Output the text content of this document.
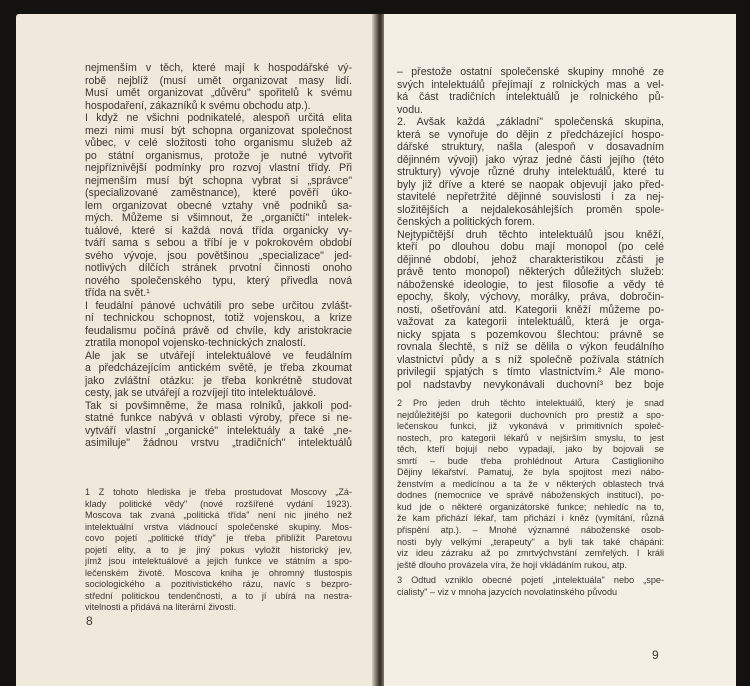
nejmenším v těch, které mají k hospodářské vý-
robě nejblíž (musí umět organizovat masy lidí.
Musí umět organizovat „důvěru" spořitelů k svému
hospodaření, zákazníků k svému obchodu atp.).
I když ne všichni podnikatelé, alespoň určitá elita
mezi nimi musí být schopna organizovat společnost
vůbec, v celé složitosti toho organismu služeb až
po státní organismus, protože je nutné vytvořit
nejpříznivější podmínky pro rozvoj vlastní třídy. Při
nejmenším musí být schopna vybrat si „správce"
(specializované zaměstnance), které pověří úko-
lem organizovat obecné vztahy vně podniků sa-
mých. Můžeme si všimnout, že „organičtí" intelek-
tuálové, které si každá nová třída organicky vy-
tváří sama s sebou a tříbí je v pokrokovém období
svého vývoje, jsou povětšinou „specializace" jed-
notlivých dílčích stránek prvotní činnosti onoho
nového společenského typu, který přivedla nová
třída na svět.¹
I feudální pánové uchvátili pro sebe určitou zvlášt-
ní technickou schopnost, totiž vojenskou, a krize
feudalismu počíná právě od chvíle, kdy aristokracie
ztratila monopol vojensko-technických znalostí.
Ale jak se utvářejí intelektuálové ve feudálním
a předcházejícím antickém světě, je třeba zkoumat
jako zvláštní otázku: je třeba konkrétně studovat
cesty, jak se utvářejí a rozvíjejí tito intelektuálové.
Tak si povšimněme, že masa rolníků, jakkoli pod-
statné funkce nabývá v oblasti výroby, přece si ne-
vytváří vlastní „organické" intelektuály a také „ne-
asimiluje" žádnou vrstvu „tradičních" intelektuálů
1 Z tohoto hlediska je třeba prostudovat Moscovy „Zá-
klady politické vědy" (nové rozšířené vydání 1923).
Moscova tak zvaná „politická třída" není nic jiného než
intelektuální vrstva vládnoucí společenské skupiny. Mos-
covo pojetí „politické třídy" je třeba přiblížit Paretovu
pojetí elity, a to je jiný pokus vyložit historický jev,
jímž jsou intelektuálové a jejich funkce ve státním a spo-
lečenském životě. Moscova kniha je ohromný tlustospis
sociologického a pozitivistického rázu, navíc s bezpro-
střední politickou tendenčností, a to jí ubírá na nestra-
vitelnosti a přidává na literární živosti.
8
– přestože ostatní společenské skupiny mnohé ze
svých intelektuálů přejímají z rolnických mas a vel-
ká část tradičních intelektuálů je rolnického pů-
vodu.
2. Avšak každá „základní" společenská skupina,
která se vynořuje do dějin z předcházející hospo-
dářské struktury, našla (alespoň v dosavadním
dějinném vývoji) jako výraz jedné části jejího (této
struktury) vývoje různé druhy intelektuálů, které tu
byly již dříve a které se naopak objevují jako před-
stavitelé nepřetržité dějinné souvislosti i za nej-
složitějších a nejdalekosáhlejších proměn spole-
čenských a politických forem.
Nejtypičtější druh těchto intelektuálů jsou kněží,
kteří po dlouhou dobu mají monopol (po celé
dějinné období, jehož charakteristikou zčásti je
právě tento monopol) některých důležitých služeb:
náboženské ideologie, to jest filosofie a vědy té
epochy, školy, výchovy, morálky, práva, dobročin-
nosti, ošetřování atd. Kategorii kněží můžeme po-
važovat za kategorii intelektuálů, která je orga-
nicky spjata s pozemkovou šlechtou: právně se
rovnala šlechtě, s níž se dělila o výkon feudálního
vlastnictví půdy a s níž společně požívala státních
privilegií spjatých s tímto vlastnictvím.² Ale mono-
pol nadstavby nevykonávali duchovní³ bez boje
2 Pro jeden druh těchto intelektuálů, který je snad
nejdůležitější po kategorii duchovních pro prestiž a spo-
lečenskou funkci, již vykonává v primitivních společ-
nostech, pro kategorii lékařů v nejširším smyslu, to jest
těch, kteří bojují nebo vypadají, jako by bojovali se
smrtí – bude třeba prohlédnout Artura Castiglioniho
Dějiny lékařství. Pamatuj, že byla spojitost mezi nábo-
ženstvím a medicínou a ta že v některých oblastech trvá
dodnes (nemocnice ve správě náboženských institucí), po-
kud jde o některé organizátorské funkce; nehledíc na to,
že kam přichází lékař, tam přichází i kněz (vymítání, různá
přispění atp.). – Mnohé významné náboženské osob-
nosti byly velkými „terapeuty" a byli tak také chápáni:
viz ideu zázraku až po zmrtvýchvstání zemřelých. I králi
ještě dlouho provázela víra, že hojí vkládáním rukou, atp.
3 Odtud vzniklo obecné pojetí „intelektuála" nebo „spe-
cialisty" – viz v mnoha jazycích novolatinského původu
9
